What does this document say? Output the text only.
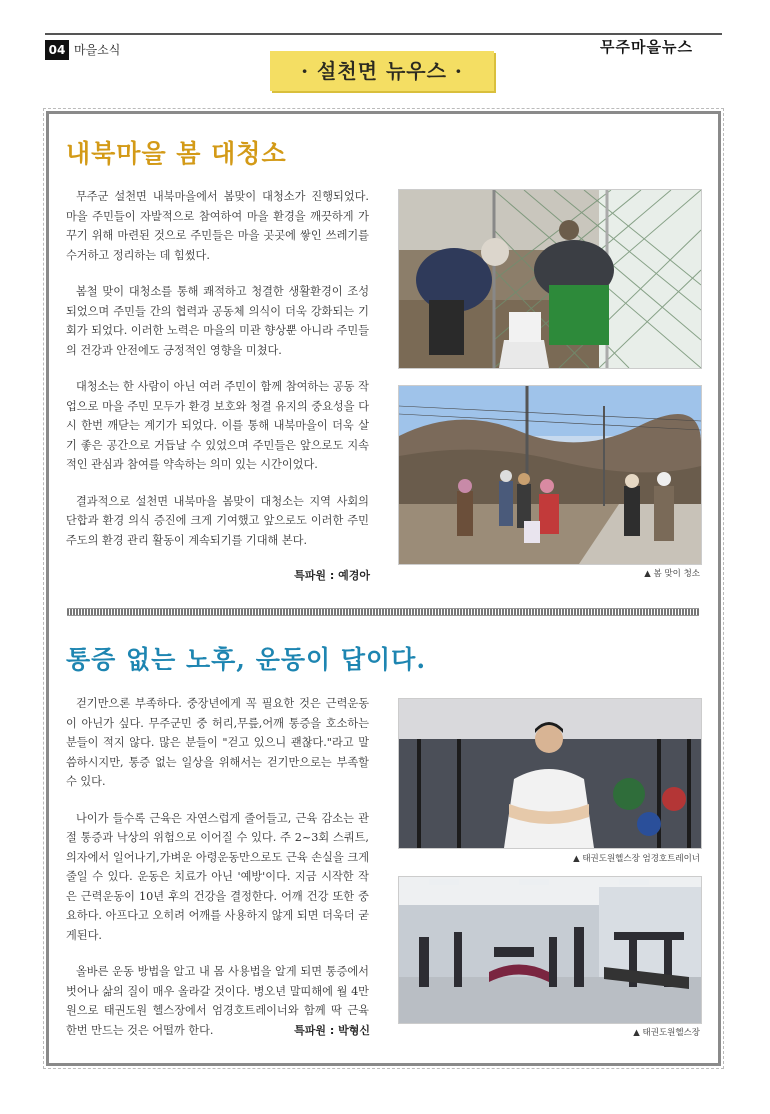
04 마을소식	무주마을뉴스
· 설천면 뉴우스 ·
내북마을 봄 대청소

무주군 설천면 내북마을에서 봄맞이 대청소가 진행되었다. 마을 주민들이 자발적으로 참여하여 마을 환경을 깨끗하게 가꾸기 위해 마련된 것으로 주민들은 마을 곳곳에 쌓인 쓰레기를 수거하고 정리하는 데 힘썼다.

봄철 맞이 대청소를 통해 쾌적하고 청결한 생활환경이 조성되었으며 주민들 간의 협력과 공동체 의식이 더욱 강화되는 기회가 되었다. 이러한 노력은 마을의 미관 향상뿐 아니라 주민들의 건강과 안전에도 긍정적인 영향을 미쳤다.

대청소는 한 사람이 아닌 여러 주민이 함께 참여하는 공동 작업으로 마을 주민 모두가 환경 보호와 청결 유지의 중요성을 다시 한번 깨닫는 계기가 되었다. 이를 통해 내북마을이 더욱 살기 좋은 공간으로 거듭날 수 있었으며 주민들은 앞으로도 지속적인 관심과 참여를 약속하는 의미 있는 시간이었다.

결과적으로 설천면 내북마을 봄맞이 대청소는 지역 사회의 단합과 환경 의식 증진에 크게 기여했고 앞으로도 이러한 주민 주도의 환경 관리 활동이 계속되기를 기대해 본다.

특파원 : 예경아	▲ 봄 맞이 청소
통증 없는 노후, 운동이 답이다.

걷기만으론 부족하다. 중장년에게 꼭 필요한 것은 근력운동이 아닌가 싶다. 무주군민 중 허리,무릎,어깨 통증을 호소하는 분들이 적지 않다. 많은 분들이 "걷고 있으니 괜찮다."라고 말씀하시지만, 통증 없는 일상을 위해서는 걷기만으로는 부족할 수 있다.

나이가 들수록 근육은 자연스럽게 줄어들고, 근육 감소는 관절 통증과 낙상의 위험으로 이어질 수 있다. 주 2~3회 스쿼트,의자에서 일어나기,가벼운 아령운동만으로도 근육 손실을 크게 줄일 수 있다. 운동은 치료가 아닌 '예방'이다. 지금 시작한 작은 근력운동이 10년 후의 건강을 결정한다. 어깨 건강 또한 중요하다. 아프다고 오히려 어깨를 사용하지 않게 되면 더욱더 굳게된다.

올바른 운동 방법을 알고 내 몸 사용법을 알게 되면 통증에서 벗어나 삶의 질이 매우 올라갈 것이다. 병오년 말띠해에 월 4만원으로 태권도원 헬스장에서 엄경호트레이너와 함께 딱 근육 한번 만드는 것은 어떨까 한다.	특파원 : 박형신
▲ 태권도원헬스장 엄경호트레이너
▲ 태권도원헬스장
